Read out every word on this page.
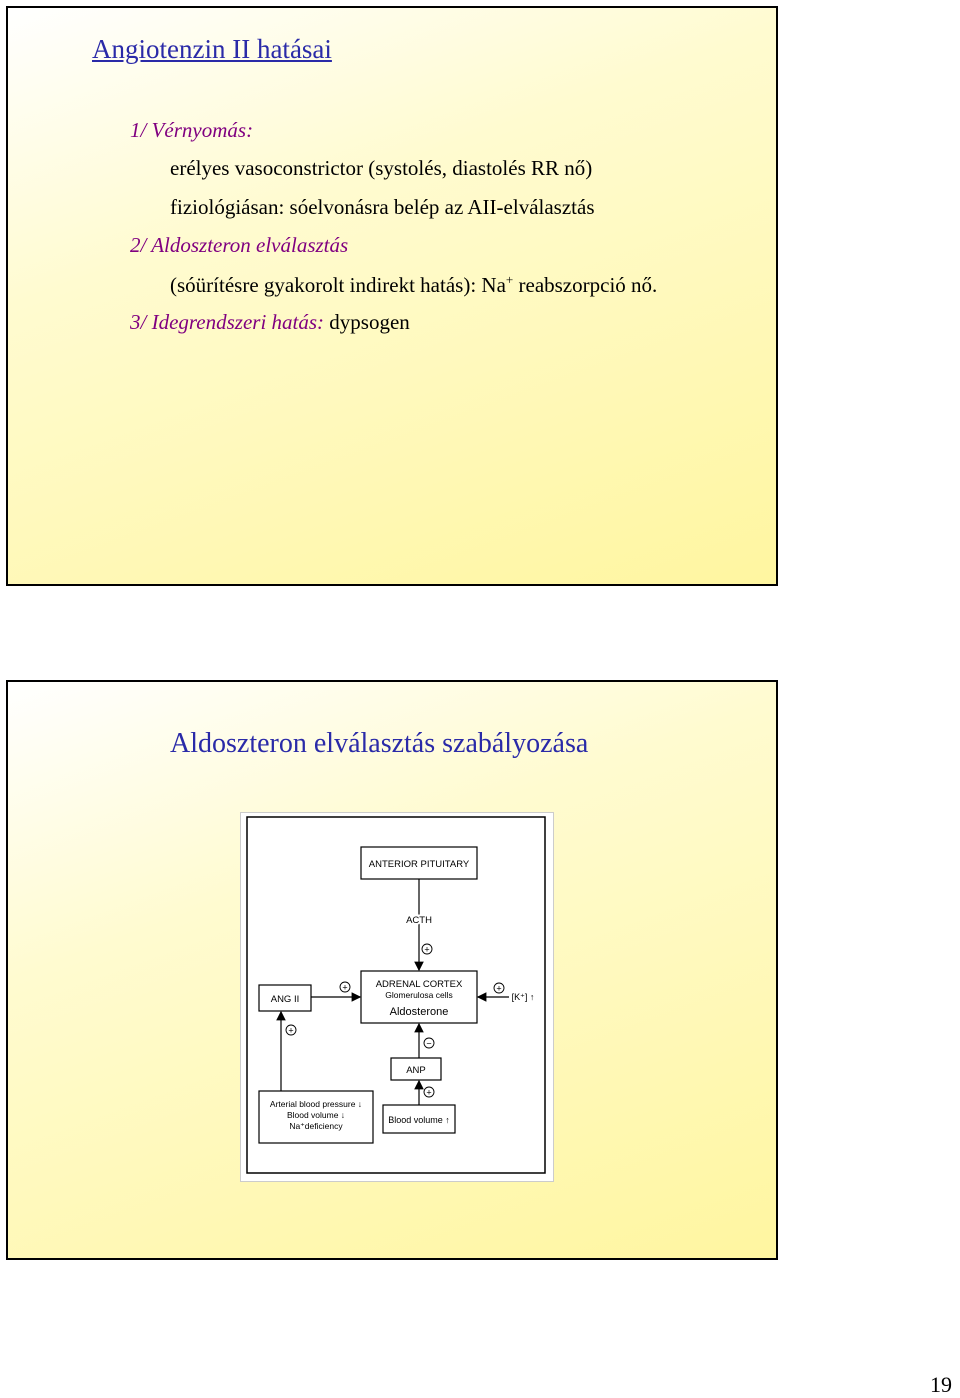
Angiotenzin II hatásai
1/ Vérnyomás:
erélyes vasoconstrictor (systolés, diastolés RR nő)
fiziológiásan: sóelvonásra belép az AII-elválasztás
2/ Aldoszteron elválasztás
(sóürítésre gyakorolt indirekt hatás): Na+ reabszorpció nő.
3/ Idegrendszeri hatás: dypsogen
Aldoszteron elválasztás szabályozása
ANTERIOR PITUITARY
ACTH
+
ADRENAL CORTEX
Glomerulosa cells
Aldosterone
ANG II
+
[K⁺] ↑
+
ANP
−
Blood volume ↑
+
Arterial blood pressure ↓
Blood volume ↓
Na⁺deficiency
+
19
